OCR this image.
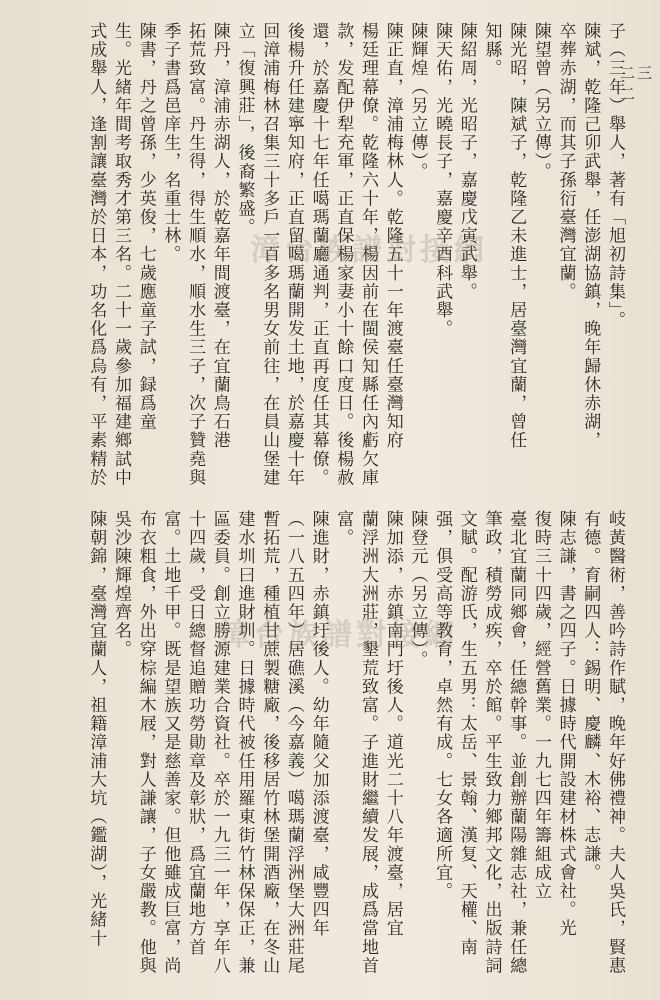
二三二
岐黃醫術，善吟詩作賦，晚年好佛禮神。夫人吳氏，賢惠
有德。育嗣四人：錫明、慶麟、木裕、志謙。
陳志謙，書之四子。日據時代開設建材株式會社。光
復時三十四歲，經營舊業。一九七四年籌組成立
臺北宜蘭同鄉會，任總幹事。並創辦蘭陽雜志社，兼任總
筆政，積勞成疾，卒於館。平生致力鄉邦文化，出版詩詞
文賦。配游氏，生五男：太岳、景翰、漢复、天權、南
强，俱受高等教育，卓然有成。七女各適所宜。
陳登元（另立傳）。
陳加添，赤鎮南門圩後人。道光二十八年渡臺，居宜
蘭浮洲大洲莊，墾荒致富。子進財繼續发展，成爲當地首
富。
陳進財，赤鎮圩後人。幼年隨父加添渡臺，咸豐四年
（一八五四年）居礁溪（今嘉義）噶瑪蘭浮洲堡大洲莊尾
暫拓荒，種植甘蔗製糖廠，後移居竹林堡開酒廠，在冬山
建水圳曰進財圳。日據時代被任用羅東街竹林保保正，兼
區委員。創立勝源建業合資社。卒於一九三一年，享年八
十四歲，受日總督追贈功勞勛章及彰狀，爲宜蘭地方首
富。土地千甲。既是望族又是慈善家。但他雖成巨富，尚
布衣粗食，外出穿棕編木屐，對人謙讓，子女嚴教。他與
吳沙陳輝煌齊名。
陳朝錦，臺灣宜蘭人，祖籍漳浦大坑（鑑湖），光緒十
子（三年）舉人，著有「旭初詩集」。
陳斌，乾隆己卯武舉，任澎湖協鎮，晚年歸休赤湖，
卒葬赤湖，而其子孫衍臺灣宜蘭。
陳望曾（另立傳）。
陳光昭，陳斌子，乾隆乙未進士，居臺灣宜蘭，曾任
知縣。
陳紹周，光昭子，嘉慶戊寅武舉。
陳天佑，光曉長子，嘉慶辛酉科武舉。
陳輝煌（另立傳）。
陳正直，漳浦梅林人。乾隆五十一年渡臺任臺灣知府
楊廷理幕僚。乾隆六十年，楊因前在閩侯知縣任內虧欠庫
款，发配伊犁充軍，正直保楊家妻小十餘口度日。後楊赦
還，於嘉慶十七年任噶瑪蘭廳通判，正直再度任其幕僚。
後楊升任建寧知府，正直留噶瑪蘭開发土地，於嘉慶十年
回漳浦梅林召集三十多戶一百多名男女前往，在員山堡建
立「復興莊」，後裔繁盛。
陳丹，漳浦赤湖人，於乾嘉年間渡臺，在宜蘭鳥石港
拓荒致富。丹生得，得生順水，順水生三子，次子贊堯與
季子書爲邑庠生，名重士林。
陳書，丹之曾孫，少英俊，七歲應童子試，録爲童
生。光緒年間考取秀才第三名。二十一歲參加福建鄉試中
式成舉人，逢割讓臺灣於日本，功名化爲烏有，平素精於	漳台族譜對接網
漳台族譜對接網
